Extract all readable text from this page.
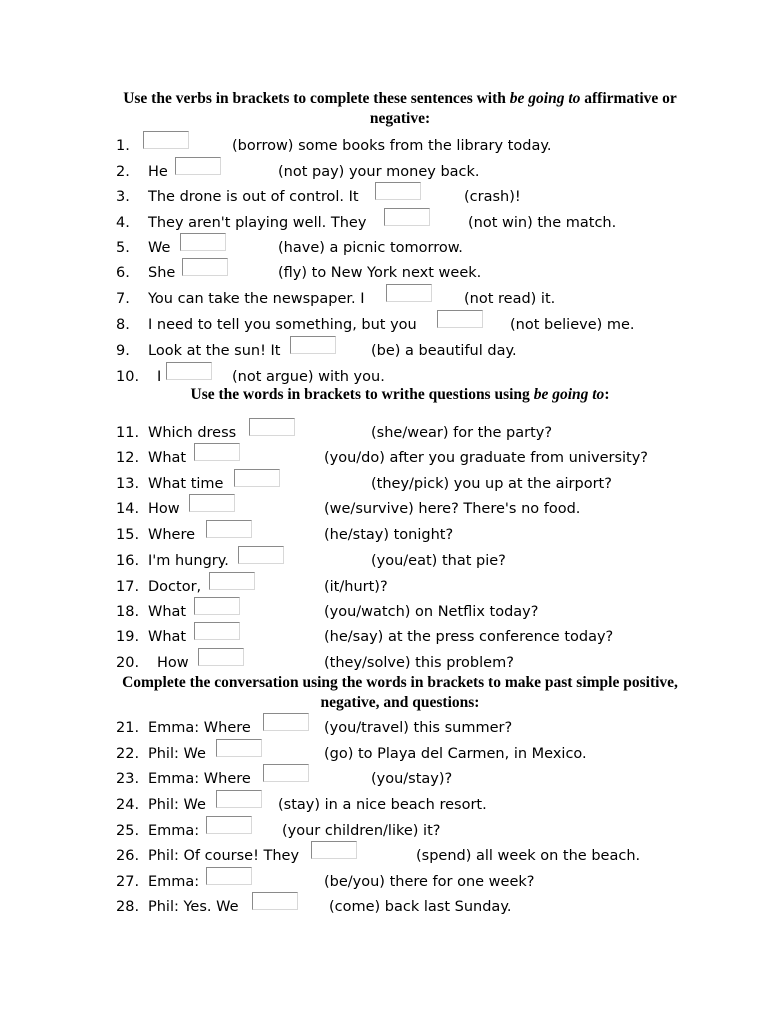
Use the verbs in brackets to complete these sentences with be going to affirmative or negative:
1.	(borrow) some books from the library today.
2. He	(not pay) your money back.
3. The drone is out of control. It	(crash)!
4. They aren't playing well. They	(not win) the match.
5. We	(have) a picnic tomorrow.
6. She	(fly) to New York next week.
7. You can take the newspaper. I	(not read) it.
8. I need to tell you something, but you	(not believe) me.
9. Look at the sun! It	(be) a beautiful day.
10. I	(not argue) with you.
Use the words in brackets to writhe questions using be going to:
11. Which dress	(she/wear) for the party?
12. What	(you/do) after you graduate from university?
13. What time	(they/pick) you up at the airport?
14. How	(we/survive) here? There's no food.
15. Where	(he/stay) tonight?
16. I'm hungry.	(you/eat) that pie?
17. Doctor,	(it/hurt)?
18. What	(you/watch) on Netflix today?
19. What	(he/say) at the press conference today?
20. How	(they/solve) this problem?
Complete the conversation using the words in brackets to make past simple positive, negative, and questions:
21. Emma: Where	(you/travel) this summer?
22. Phil: We	(go) to Playa del Carmen, in Mexico.
23. Emma: Where	(you/stay)?
24. Phil: We	(stay) in a nice beach resort.
25. Emma:	(your children/like) it?
26. Phil: Of course! They	(spend) all week on the beach.
27. Emma:	(be/you) there for one week?
28. Phil: Yes. We	(come) back last Sunday.
